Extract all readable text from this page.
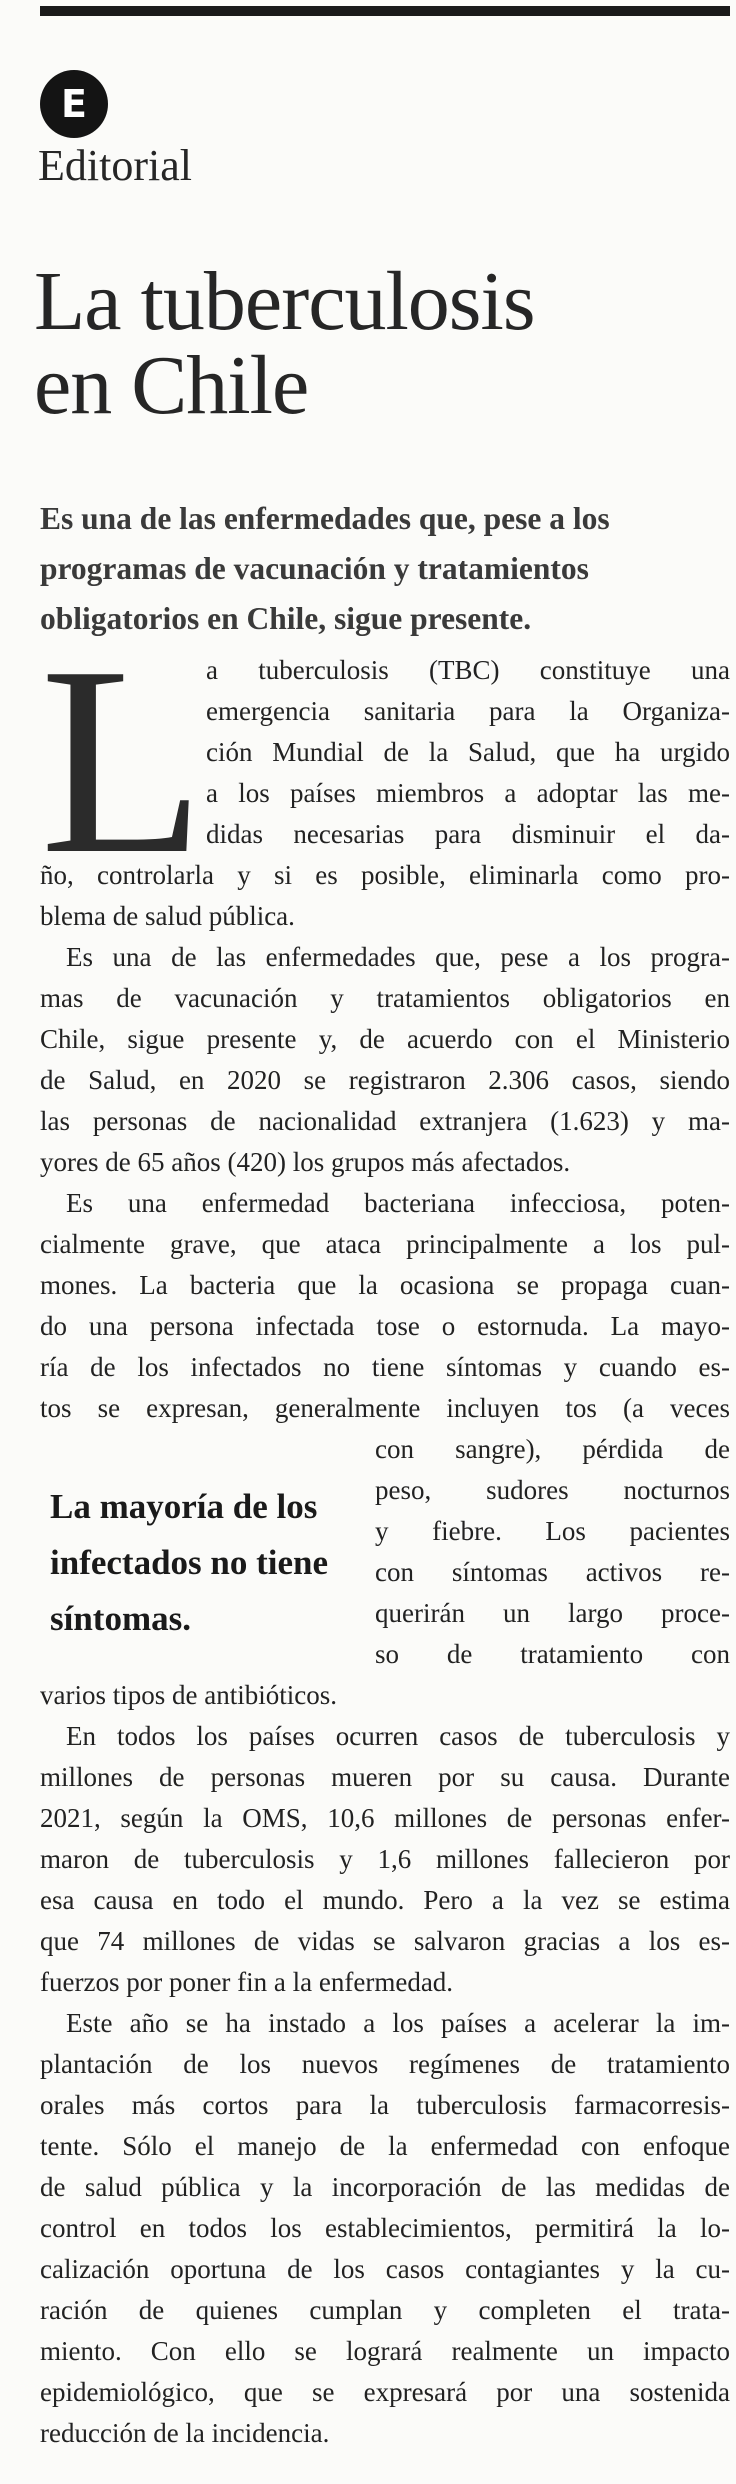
E
Editorial
La tuberculosis
en Chile

Es una de las enfermedades que, pese a los
programas de vacunación y tratamientos
obligatorios en Chile, sigue presente.

L a tuberculosis (TBC) constituye una
emergencia sanitaria para la Organiza-
ción Mundial de la Salud, que ha urgido
a los países miembros a adoptar las me-
didas necesarias para disminuir el da-
ño, controlarla y si es posible, eliminarla como pro-
blema de salud pública.
Es una de las enfermedades que, pese a los progra-
mas de vacunación y tratamientos obligatorios en
Chile, sigue presente y, de acuerdo con el Ministerio
de Salud, en 2020 se registraron 2.306 casos, siendo
las personas de nacionalidad extranjera (1.623) y ma-
yores de 65 años (420) los grupos más afectados.
Es una enfermedad bacteriana infecciosa, poten-
cialmente grave, que ataca principalmente a los pul-
mones. La bacteria que la ocasiona se propaga cuan-
do una persona infectada tose o estornuda. La mayo-
ría de los infectados no tiene síntomas y cuando es-
tos se expresan, generalmente incluyen tos (a veces
La mayoría de los
infectados no tiene
síntomas.
con sangre), pérdida de
peso, sudores nocturnos
y fiebre. Los pacientes
con síntomas activos re-
querirán un largo proce-
so de tratamiento con
varios tipos de antibióticos.
En todos los países ocurren casos de tuberculosis y
millones de personas mueren por su causa. Durante
2021, según la OMS, 10,6 millones de personas enfer-
maron de tuberculosis y 1,6 millones fallecieron por
esa causa en todo el mundo. Pero a la vez se estima
que 74 millones de vidas se salvaron gracias a los es-
fuerzos por poner fin a la enfermedad.
Este año se ha instado a los países a acelerar la im-
plantación de los nuevos regímenes de tratamiento
orales más cortos para la tuberculosis farmacorresis-
tente. Sólo el manejo de la enfermedad con enfoque
de salud pública y la incorporación de las medidas de
control en todos los establecimientos, permitirá la lo-
calización oportuna de los casos contagiantes y la cu-
ración de quienes cumplan y completen el trata-
miento. Con ello se logrará realmente un impacto
epidemiológico, que se expresará por una sostenida
reducción de la incidencia.
